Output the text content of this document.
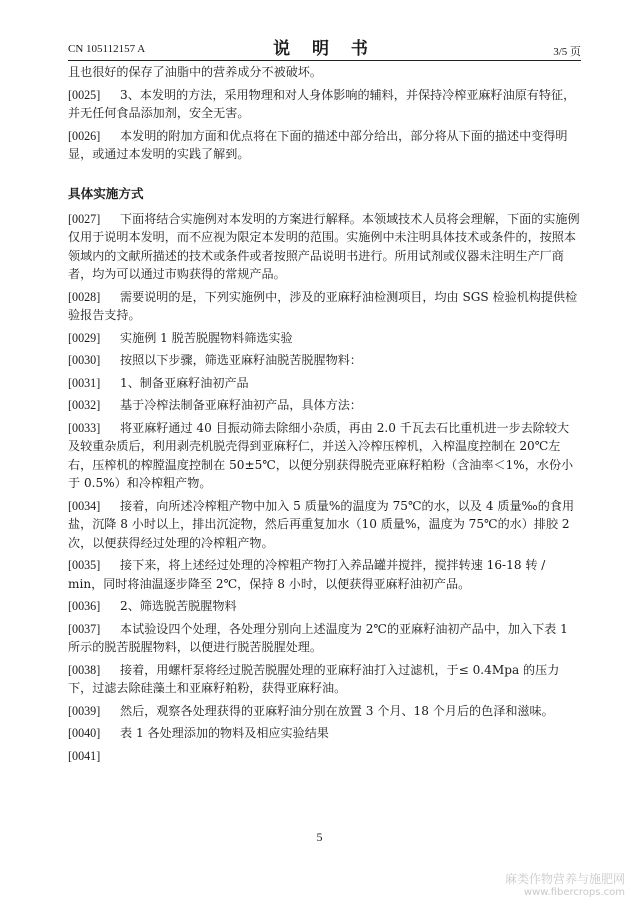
CN 105112157 A	说 明 书	3/5 页
且也很好的保存了油脂中的营养成分不被破坏。
[0025] 3、本发明的方法，采用物理和对人身体影响的辅料，并保持冷榨亚麻籽油原有特征，并无任何食品添加剂，安全无害。
[0026] 本发明的附加方面和优点将在下面的描述中部分给出，部分将从下面的描述中变得明显，或通过本发明的实践了解到。
具体实施方式
[0027] 下面将结合实施例对本发明的方案进行解释。本领域技术人员将会理解，下面的实施例仅用于说明本发明，而不应视为限定本发明的范围。实施例中未注明具体技术或条件的，按照本领域内的文献所描述的技术或条件或者按照产品说明书进行。所用试剂或仪器未注明生产厂商者，均为可以通过市购获得的常规产品。
[0028] 需要说明的是，下列实施例中，涉及的亚麻籽油检测项目，均由 SGS 检验机构提供检验报告支持。
[0029] 实施例 1 脱苦脱腥物料筛选实验
[0030] 按照以下步骤，筛选亚麻籽油脱苦脱腥物料：
[0031] 1、制备亚麻籽油初产品
[0032] 基于冷榨法制备亚麻籽油初产品，具体方法：
[0033] 将亚麻籽通过 40 目振动筛去除细小杂质，再由 2.0 千瓦去石比重机进一步去除较大及较重杂质后，利用剥壳机脱壳得到亚麻籽仁，并送入冷榨压榨机，入榨温度控制在 20℃左右，压榨机的榨膛温度控制在 50±5℃，以便分别获得脱壳亚麻籽粕粉（含油率＜1%，水份小于 0.5%）和冷榨粗产物。
[0034] 接着，向所述冷榨粗产物中加入 5 质量%的温度为 75℃的水，以及 4 质量‰的食用盐，沉降 8 小时以上，排出沉淀物，然后再重复加水（10 质量%，温度为 75℃的水）排胶 2 次，以便获得经过处理的冷榨粗产物。
[0035] 接下来，将上述经过处理的冷榨粗产物打入养品罐并搅拌，搅拌转速 16-18 转 / min，同时将油温逐步降至 2℃，保持 8 小时，以便获得亚麻籽油初产品。
[0036] 2、筛选脱苦脱腥物料
[0037] 本试验设四个处理，各处理分别向上述温度为 2℃的亚麻籽油初产品中，加入下表 1 所示的脱苦脱腥物料，以便进行脱苦脱腥处理。
[0038] 接着，用螺杆泵将经过脱苦脱腥处理的亚麻籽油打入过滤机，于≤ 0.4Mpa 的压力下，过滤去除硅藻土和亚麻籽粕粉，获得亚麻籽油。
[0039] 然后，观察各处理获得的亚麻籽油分别在放置 3 个月、18 个月后的色泽和滋味。
[0040] 表 1 各处理添加的物料及相应实验结果
[0041]
5
麻类作物营养与施肥网
www.fibercrops.com
